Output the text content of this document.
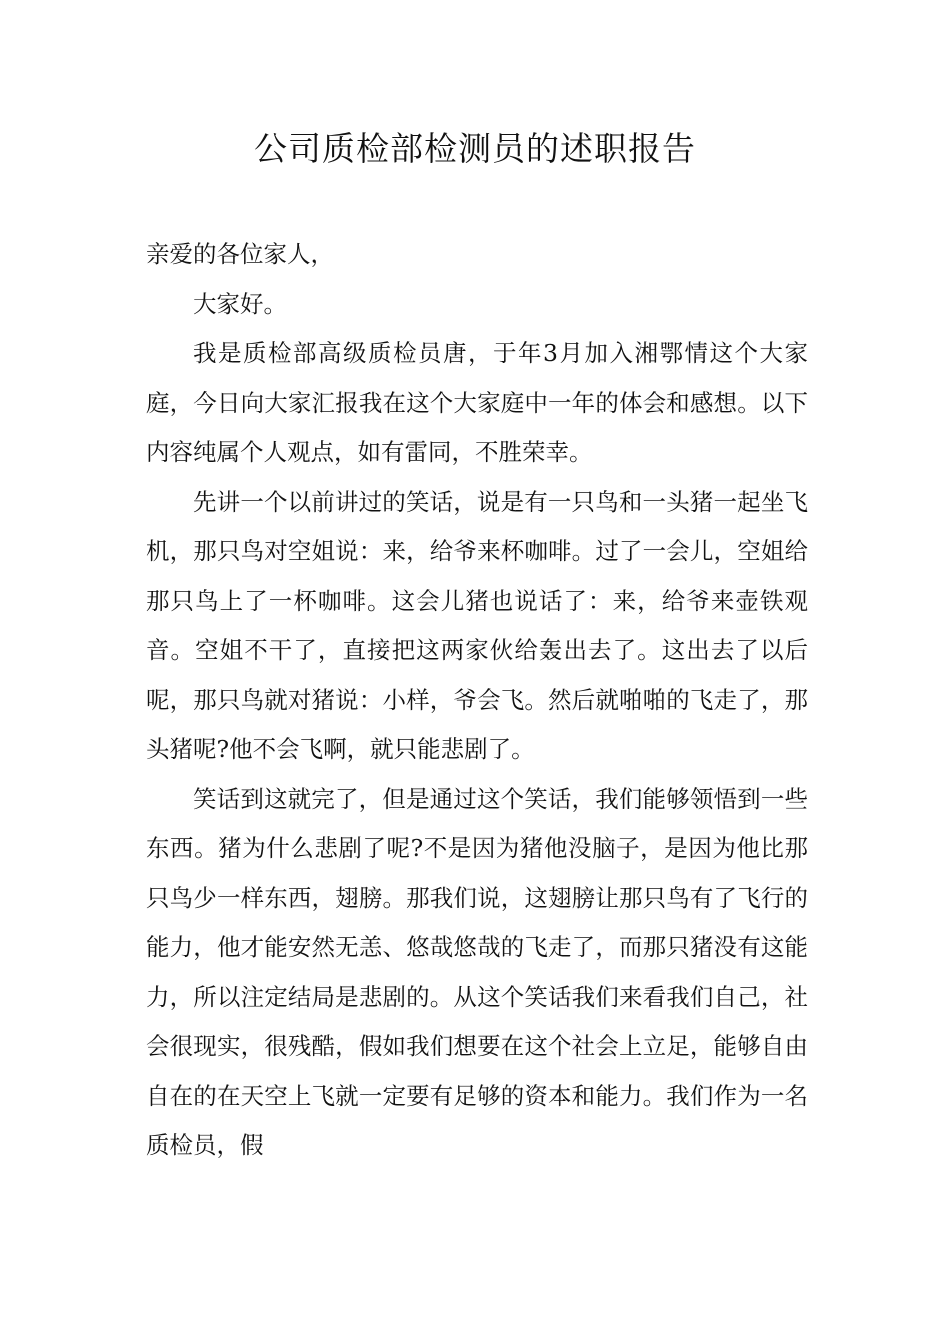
公司质检部检测员的述职报告

亲爱的各位家人，

大家好。

我是质检部高级质检员唐，于年3月加入湘鄂情这个大家庭，今日向大家汇报我在这个大家庭中一年的体会和感想。以下内容纯属个人观点，如有雷同，不胜荣幸。

先讲一个以前讲过的笑话，说是有一只鸟和一头猪一起坐飞机，那只鸟对空姐说：来，给爷来杯咖啡。过了一会儿，空姐给那只鸟上了一杯咖啡。这会儿猪也说话了：来，给爷来壶铁观音。空姐不干了，直接把这两家伙给轰出去了。这出去了以后呢，那只鸟就对猪说：小样，爷会飞。然后就啪啪的飞走了，那头猪呢?他不会飞啊，就只能悲剧了。

笑话到这就完了，但是通过这个笑话，我们能够领悟到一些东西。猪为什么悲剧了呢?不是因为猪他没脑子，是因为他比那只鸟少一样东西，翅膀。那我们说，这翅膀让那只鸟有了飞行的能力，他才能安然无恙、悠哉悠哉的飞走了，而那只猪没有这能力，所以注定结局是悲剧的。从这个笑话我们来看我们自己，社会很现实，很残酷，假如我们想要在这个社会上立足，能够自由自在的在天空上飞就一定要有足够的资本和能力。我们作为一名质检员，假
